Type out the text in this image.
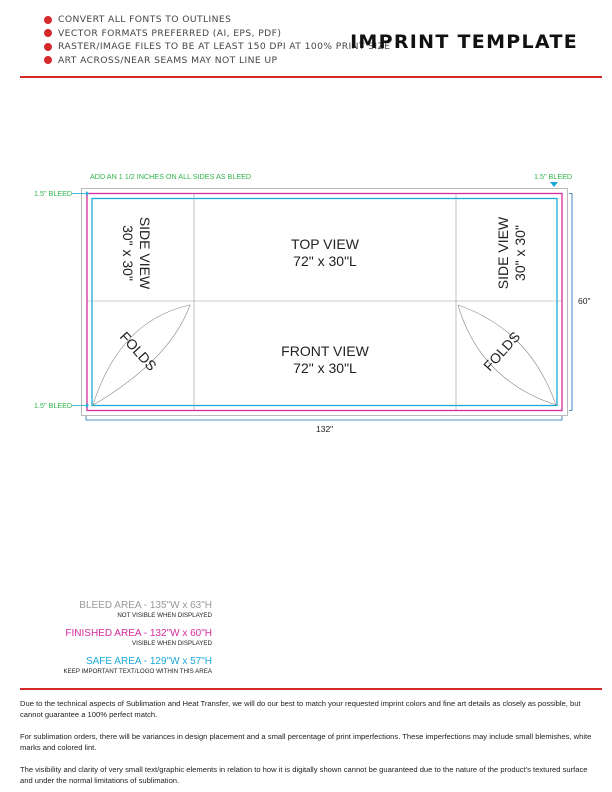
CONVERT ALL FONTS TO OUTLINES
VECTOR FORMATS PREFERRED (AI, EPS, PDF)
RASTER/IMAGE FILES TO BE AT LEAST 150 DPI AT 100% PRINT SIZE
ART ACROSS/NEAR SEAMS MAY NOT LINE UP
IMPRINT TEMPLATE
ADD AN 1 1/2 INCHES ON ALL SIDES AS BLEED	1.5" BLEED
1.5" BLEED
1.5" BLEED
132"
60"
SIDE VIEW
30" x 30"	SIDE VIEW 30" x 30"
TOP VIEW
72" x 30"L
FRONT VIEW
72" x 30"L
FOLDS	FOLDS
BLEED AREA - 135"W x 63"H
NOT VISIBLE WHEN DISPLAYED
FINISHED AREA - 132"W x 60"H
VISIBLE WHEN DISPLAYED
SAFE AREA - 129"W x 57"H
KEEP IMPORTANT TEXT/LOGO WITHIN THIS AREA

Due to the technical aspects of Sublimation and Heat Transfer, we will do our best to match your requested imprint colors and fine art details as closely as possible, but cannot guarantee a 100% perfect match.

For sublimation orders, there will be variances in design placement and a small percentage of print imperfections. These imperfections may include small blemishes, white marks and colored lint.

The visibility and clarity of very small text/graphic elements in relation to how it is digitally shown cannot be guaranteed due to the nature of the product's textured surface and under the normal limitations of sublimation.
